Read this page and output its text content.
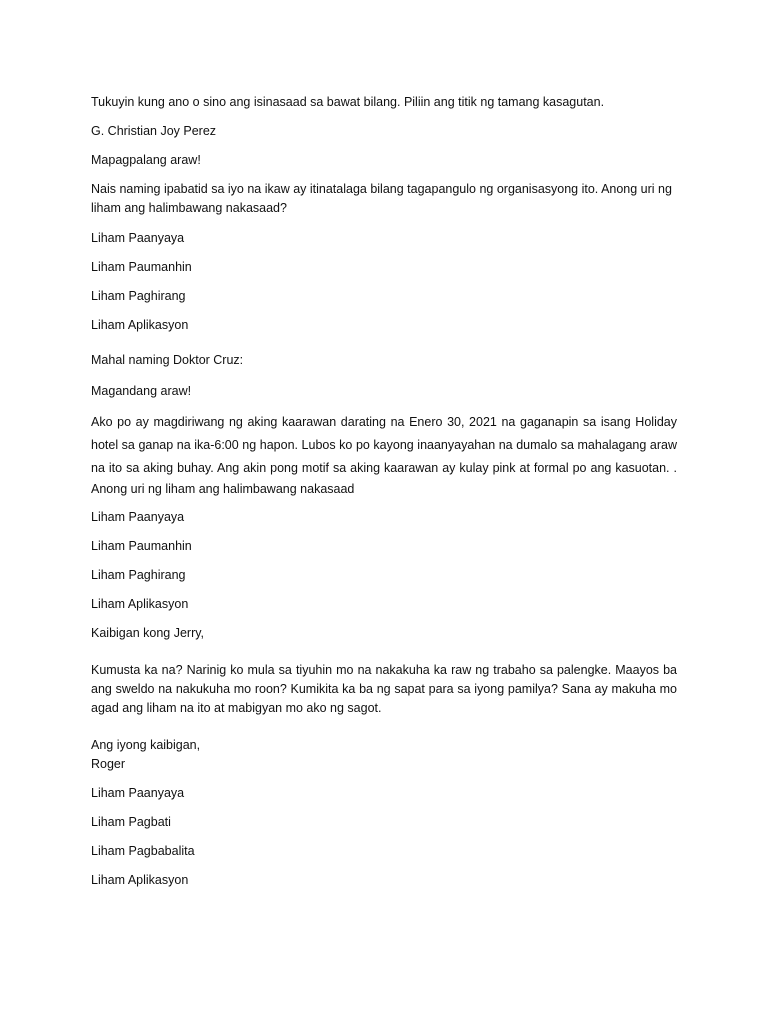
Tukuyin kung ano o sino ang isinasaad sa bawat bilang. Piliin ang titik ng tamang kasagutan.
G. Christian Joy Perez
Mapagpalang araw!
Nais naming ipabatid sa iyo na ikaw ay itinatalaga bilang tagapangulo ng organisasyong ito. Anong uri ng
liham ang halimbawang nakasaad?
Liham Paanyaya
Liham Paumanhin
Liham Paghirang
Liham Aplikasyon
Mahal naming Doktor Cruz:
Magandang araw!
Ako po ay magdiriwang ng aking kaarawan darating na Enero 30, 2021 na gaganapin sa isang Holiday
hotel sa ganap na ika-6:00 ng hapon. Lubos ko po kayong inaanyayahan na dumalo sa mahalagang araw
na ito sa aking buhay. Ang akin pong motif sa aking kaarawan ay kulay pink at formal po ang kasuotan. .
Anong uri ng liham ang halimbawang nakasaad
Liham Paanyaya
Liham Paumanhin
Liham Paghirang
Liham Aplikasyon
Kaibigan kong Jerry,
Kumusta ka na? Narinig ko mula sa tiyuhin mo na nakakuha ka raw ng trabaho sa palengke. Maayos ba
ang sweldo na nakukuha mo roon? Kumikita ka ba ng sapat para sa iyong pamilya? Sana ay makuha mo
agad ang liham na ito at mabigyan mo ako ng sagot.
Ang iyong kaibigan,
Roger
Liham Paanyaya
Liham Pagbati
Liham Pagbabalita
Liham Aplikasyon
